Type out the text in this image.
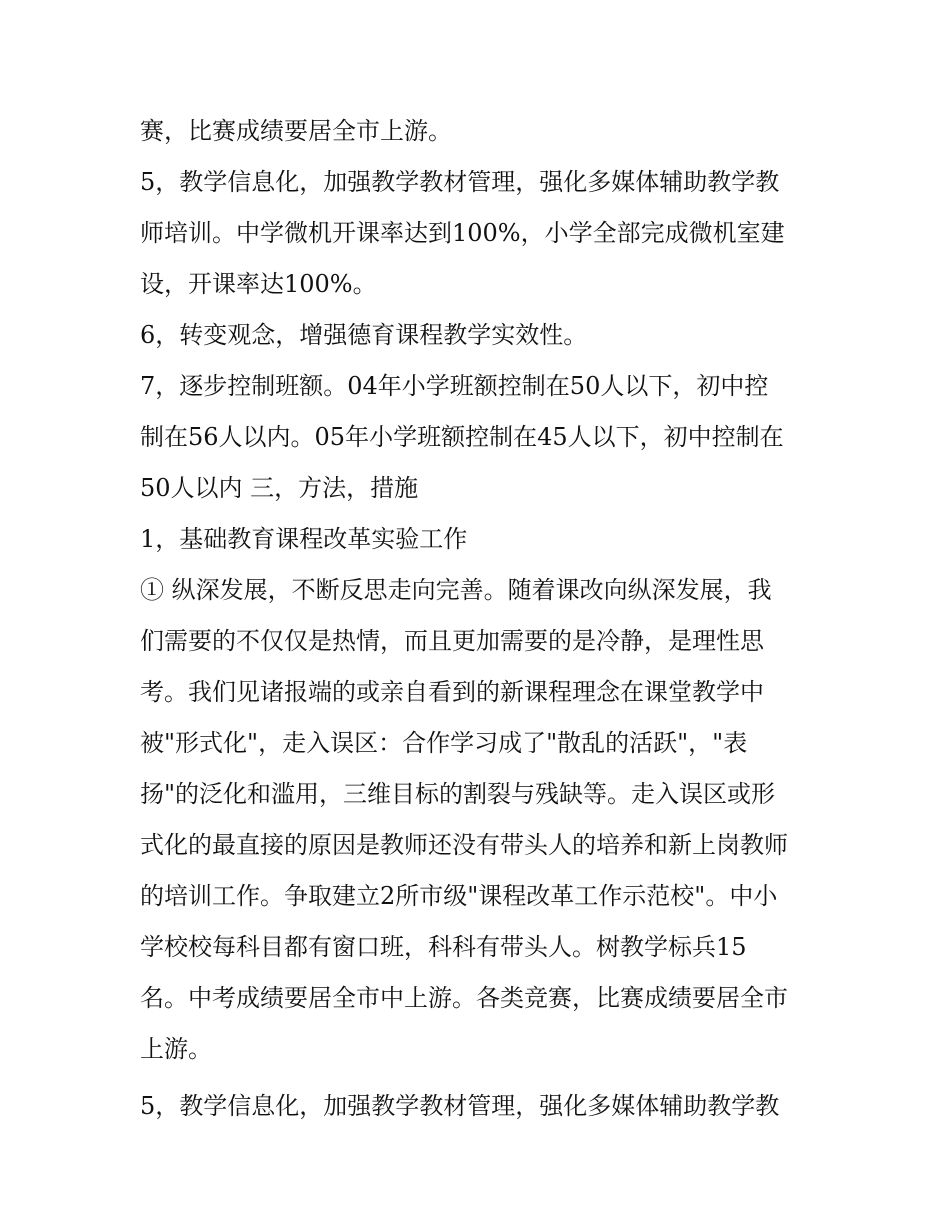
赛，比赛成绩要居全市上游。
5，教学信息化，加强教学教材管理，强化多媒体辅助教学教
师培训。中学微机开课率达到100%，小学全部完成微机室建
设，开课率达100%。
6，转变观念，增强德育课程教学实效性。
7，逐步控制班额。04年小学班额控制在50人以下，初中控
制在56人以内。05年小学班额控制在45人以下，初中控制在
50人以内 三，方法，措施
1，基础教育课程改革实验工作
① 纵深发展，不断反思走向完善。随着课改向纵深发展，我
们需要的不仅仅是热情，而且更加需要的是冷静，是理性思
考。我们见诸报端的或亲自看到的新课程理念在课堂教学中
被"形式化"，走入误区：合作学习成了"散乱的活跃"，"表
扬"的泛化和滥用，三维目标的割裂与残缺等。走入误区或形
式化的最直接的原因是教师还没有带头人的培养和新上岗教师
的培训工作。争取建立2所市级"课程改革工作示范校"。中小
学校校每科目都有窗口班，科科有带头人。树教学标兵15
名。中考成绩要居全市中上游。各类竞赛，比赛成绩要居全市
上游。
5，教学信息化，加强教学教材管理，强化多媒体辅助教学教
